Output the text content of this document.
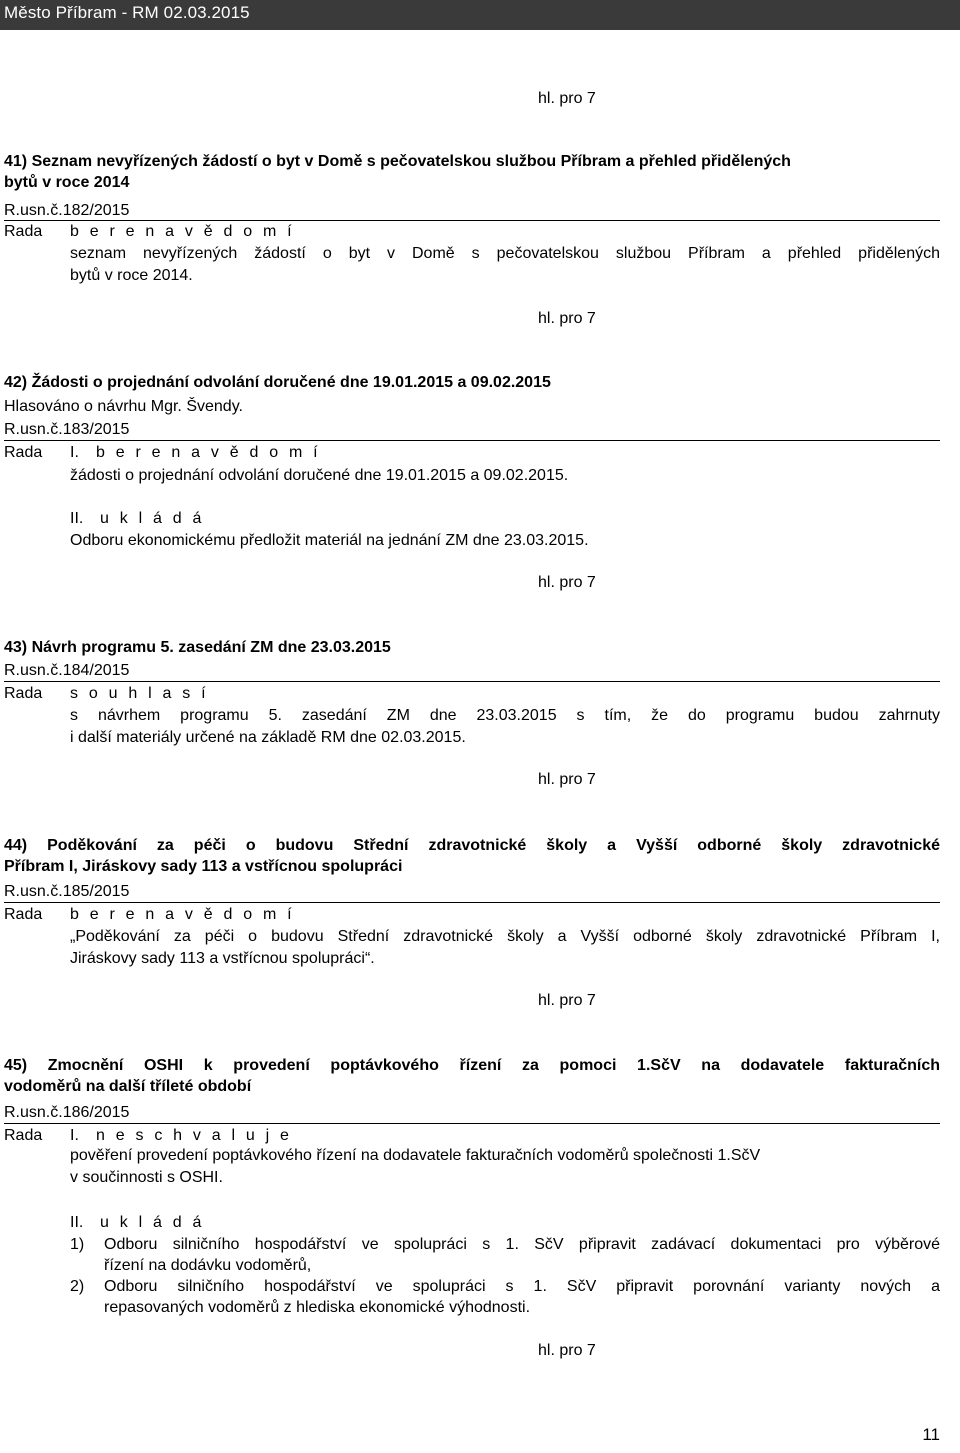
Město Příbram - RM 02.03.2015
hl. pro 7
41) Seznam nevyřízených žádostí o byt v Domě s pečovatelskou službou Příbram a přehled přidělených
bytů v roce 2014
R.usn.č.182/2015
Rada b e r e n a v ě d o m í
seznam nevyřízených žádostí o byt v Domě s pečovatelskou službou Příbram a přehled přidělených
bytů v roce 2014.
hl. pro 7
42) Žádosti o projednání odvolání doručené dne 19.01.2015 a 09.02.2015
Hlasováno o návrhu Mgr. Švendy.
R.usn.č.183/2015
Rada I. b e r e n a v ě d o m í
žádosti o projednání odvolání doručené dne 19.01.2015 a 09.02.2015.
II. u k l á d á
Odboru ekonomickému předložit materiál na jednání ZM dne 23.03.2015.
hl. pro 7
43) Návrh programu 5. zasedání ZM dne 23.03.2015
R.usn.č.184/2015
Rada s o u h l a s í
s návrhem programu 5. zasedání ZM dne 23.03.2015 s tím, že do programu budou zahrnuty
i další materiály určené na základě RM dne 02.03.2015.
hl. pro 7
44) Poděkování za péči o budovu Střední zdravotnické školy a Vyšší odborné školy zdravotnické
Příbram I, Jiráskovy sady 113 a vstřícnou spolupráci
R.usn.č.185/2015
Rada b e r e n a v ě d o m í
„Poděkování za péči o budovu Střední zdravotnické školy a Vyšší odborné školy zdravotnické Příbram I,
Jiráskovy sady 113 a vstřícnou spolupráci“.
hl. pro 7
45) Zmocnění OSHI k provedení poptávkového řízení za pomoci 1.SčV na dodavatele fakturačních
vodoměrů na další tříleté období
R.usn.č.186/2015
Rada I. n e s c h v a l u j e
pověření provedení poptávkového řízení na dodavatele fakturačních vodoměrů společnosti 1.SčV
v součinnosti s OSHI.
II. u k l á d á
1) Odboru silničního hospodářství ve spolupráci s 1. SčV připravit zadávací dokumentaci pro výběrové
řízení na dodávku vodoměrů,
2) Odboru silničního hospodářství ve spolupráci s 1. SčV připravit porovnání varianty nových a
repasovaných vodoměrů z hlediska ekonomické výhodnosti.
hl. pro 7
11
